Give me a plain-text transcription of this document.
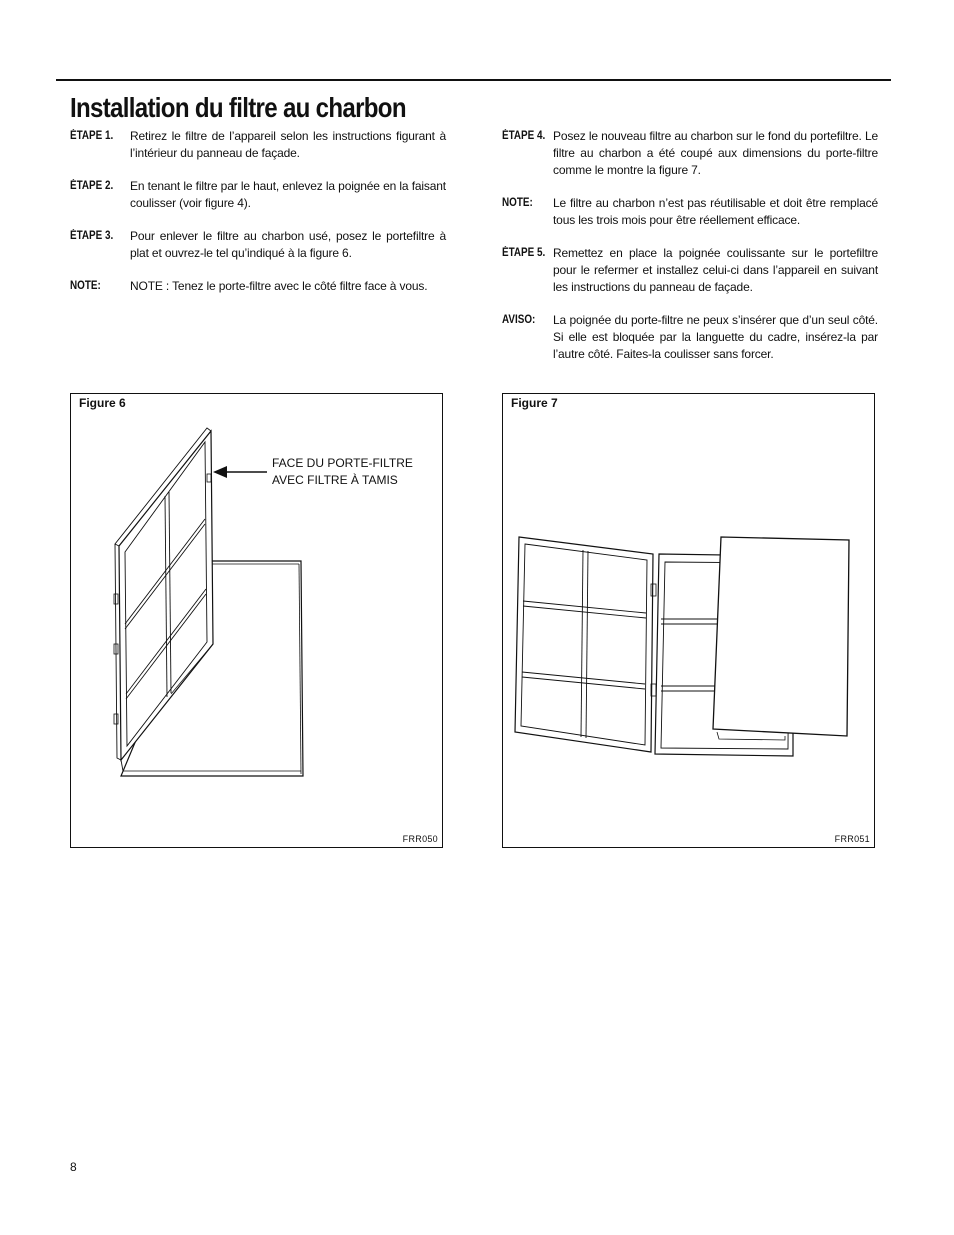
Installation du filtre au charbon
ÉTAPE 1.	Retirez le filtre de l’appareil selon les instructions figurant à l’intérieur du panneau de façade.
ÉTAPE 2.	En tenant le filtre par le haut, enlevez la poignée en la faisant coulisser (voir figure 4).
ÉTAPE 3.	Pour enlever le filtre au charbon usé, posez le portefiltre à plat et ouvrez-le tel qu’indiqué à la figure 6.
NOTE:	NOTE : Tenez le porte-filtre avec le côté filtre face à vous.
ÉTAPE 4. Posez le nouveau filtre au charbon sur le fond du portefiltre. Le filtre au charbon a été coupé aux dimensions du porte-filtre comme le montre la figure 7.
NOTE:	Le filtre au charbon n’est pas réutilisable et doit être remplacé tous les trois mois pour être réellement efficace.
ÉTAPE 5. Remettez en place la poignée coulissante sur le portefiltre pour le refermer et installez celui-ci dans l’appareil en suivant les instructions du panneau de façade.
AVISO:	La poignée du porte-filtre ne peux s’insérer que d’un seul côté. Si elle est bloquée par la languette du cadre, insérez-la par l’autre côté. Faites-la coulisser sans forcer.
Figure 6
FACE DU PORTE-FILTRE
AVEC FILTRE À TAMIS
FRR050
Figure 7
FRR051
8
